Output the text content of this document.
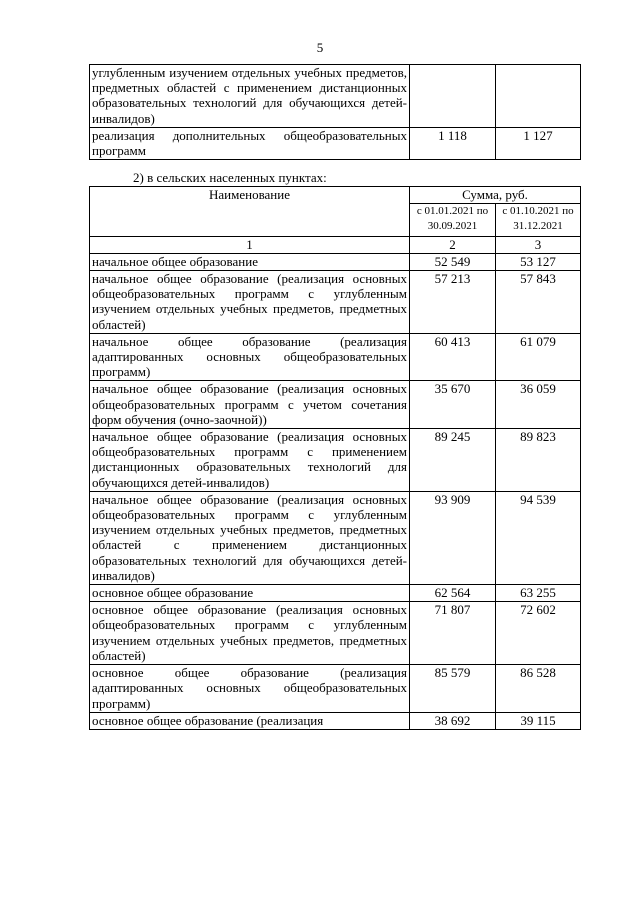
5
углубленным изучением отдельных учебных предметов, предметных областей с применением дистанционных образовательных технологий для обучающихся детей-инвалидов)		
реализация дополнительных общеобразовательных программ	1 118	1 127
2) в сельских населенных пунктах:
Наименование	Сумма, руб.	
	с 01.01.2021 по 30.09.2021	с 01.10.2021 по 31.12.2021
1	2	3
начальное общее образование	52 549	53 127
начальное общее образование (реализация основных общеобразовательных программ с углубленным изучением отдельных учебных предметов, предметных областей)	57 213	57 843
начальное общее образование (реализация адаптированных основных общеобразовательных программ)	60 413	61 079
начальное общее образование (реализация основных общеобразовательных программ с учетом сочетания форм обучения (очно-заочной))	35 670	36 059
начальное общее образование (реализация основных общеобразовательных программ с применением дистанционных образовательных технологий для обучающихся детей-инвалидов)	89 245	89 823
начальное общее образование (реализация основных общеобразовательных программ с углубленным изучением отдельных учебных предметов, предметных областей с применением дистанционных образовательных технологий для обучающихся детей-инвалидов)	93 909	94 539
основное общее образование	62 564	63 255
основное общее образование (реализация основных общеобразовательных программ с углубленным изучением отдельных учебных предметов, предметных областей)	71 807	72 602
основное общее образование (реализация адаптированных основных общеобразовательных программ)	85 579	86 528
основное общее образование (реализация	38 692	39 115
